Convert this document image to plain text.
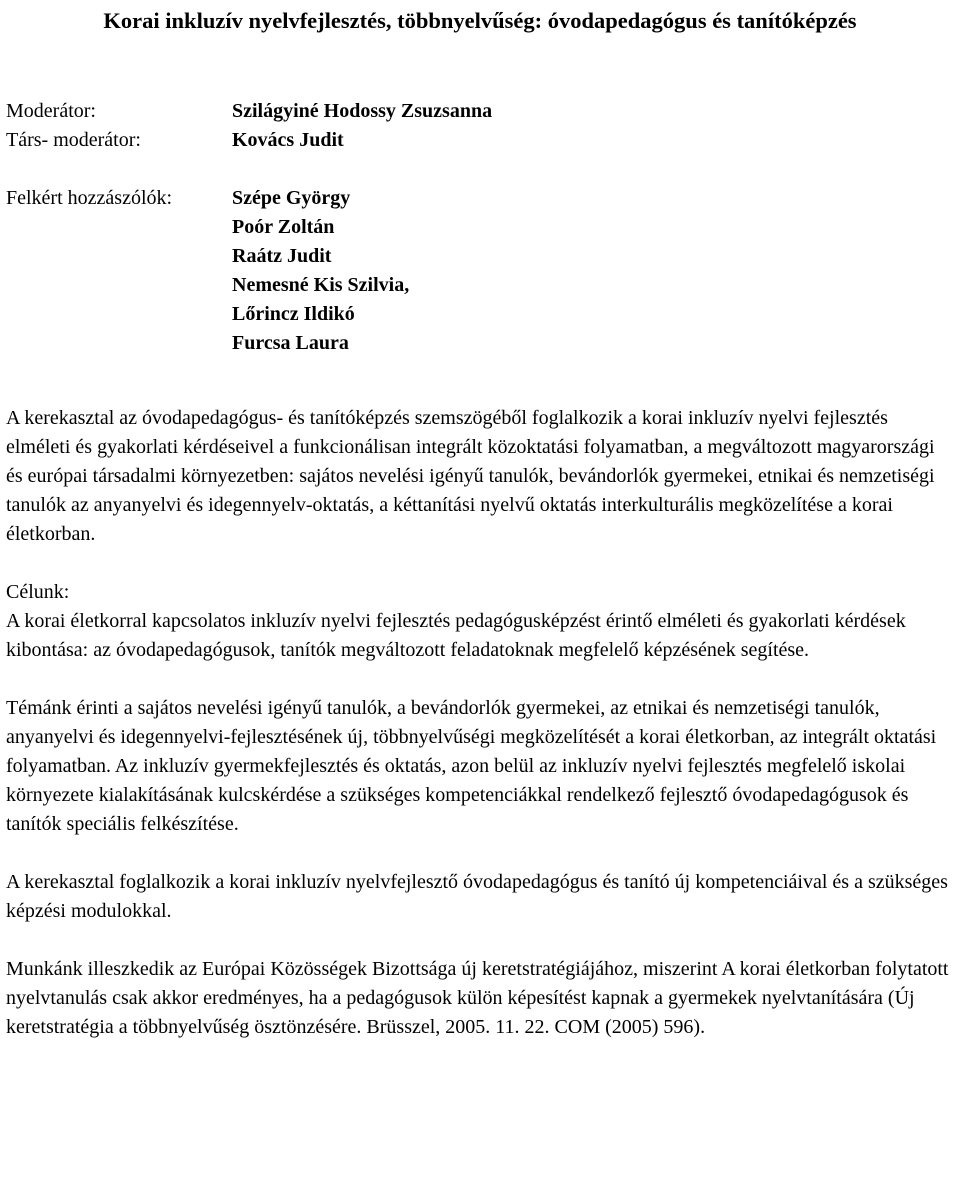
Korai inkluzív nyelvfejlesztés, többnyelvűség: óvodapedagógus és tanítóképzés
Moderátor:	Szilágyiné Hodossy Zsuzsanna
Társ- moderátor:	Kovács Judit
Felkért hozzászólók:	Szépe György
Poór Zoltán
Raátz Judit
Nemesné Kis Szilvia,
Lőrincz Ildikó
Furcsa Laura

A kerekasztal az óvodapedagógus- és tanítóképzés szemszögéből foglalkozik a korai inkluzív nyelvi fejlesztés elméleti és gyakorlati kérdéseivel a funkcionálisan integrált közoktatási folyamatban, a megváltozott magyarországi és európai társadalmi környezetben: sajátos nevelési igényű tanulók, bevándorlók gyermekei, etnikai és nemzetiségi tanulók az anyanyelvi és idegennyelv-oktatás, a kéttanítási nyelvű oktatás interkulturális megközelítése a korai életkorban.

Célunk:

A korai életkorral kapcsolatos inkluzív nyelvi fejlesztés pedagógusképzést érintő elméleti és gyakorlati kérdések kibontása: az óvodapedagógusok, tanítók megváltozott feladatoknak megfelelő képzésének segítése.

Témánk érinti a sajátos nevelési igényű tanulók, a bevándorlók gyermekei, az etnikai és nemzetiségi tanulók, anyanyelvi és idegennyelvi-fejlesztésének új, többnyelvűségi megközelítését a korai életkorban, az integrált oktatási folyamatban. Az inkluzív gyermekfejlesztés és oktatás, azon belül az inkluzív nyelvi fejlesztés megfelelő iskolai környezete kialakításának kulcskérdése a szükséges kompetenciákkal rendelkező fejlesztő óvodapedagógusok és tanítók speciális felkészítése.

A kerekasztal foglalkozik a korai inkluzív nyelvfejlesztő óvodapedagógus és tanító új kompetenciáival és a szükséges képzési modulokkal.

Munkánk illeszkedik az Európai Közösségek Bizottsága új keretstratégiájához, miszerint A korai életkorban folytatott nyelvtanulás csak akkor eredményes, ha a pedagógusok külön képesítést kapnak a gyermekek nyelvtanítására (Új keretstratégia a többnyelvűség ösztönzésére. Brüsszel, 2005. 11. 22. COM (2005) 596).
